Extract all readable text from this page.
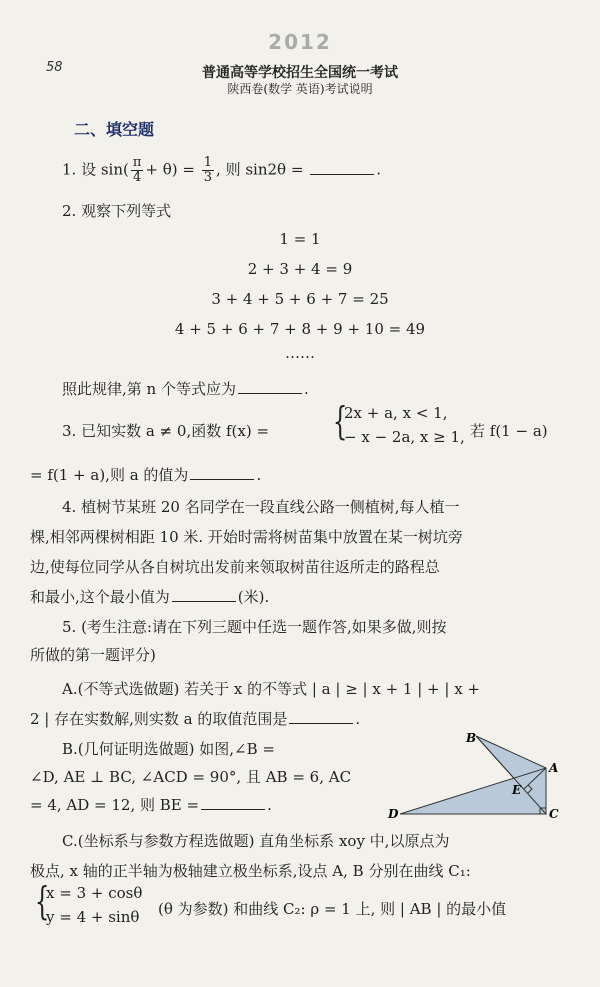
2012
58	普通高等学校招生全国统一考试
陕西卷(数学 英语)考试说明
二、填空题
1. 设 $\sin( \frac{\pi}{4} + \theta) = \frac{1}{3}$ , 则 sin2θ =	.
2. 观察下列等式
1 = 1
2 + 3 + 4 = 9
3 + 4 + 5 + 6 + 7 = 25
4 + 5 + 6 + 7 + 8 + 9 + 10 = 49
……
照此规律,第 n 个等式应为	.
3. 已知实数 a ≠ 0,函数 f(x) = {
2x + a, x < 1,
− x − 2a, x ≥ 1, 若 f(1 − a)
= f(1 + a),则 a 的值为	.
4. 植树节某班 20 名同学在一段直线公路一侧植树,每人植一
棵,相邻两棵树相距 10 米. 开始时需将树苗集中放置在某一树坑旁
边,使每位同学从各自树坑出发前来领取树苗往返所走的路程总
和最小,这个最小值为	(米).
5. (考生注意:请在下列三题中任选一题作答,如果多做,则按
所做的第一题评分)
A.(不等式选做题) 若关于 x 的不等式 | a | ≥ | x + 1 | + | x +
2 | 存在实数解,则实数 a 的取值范围是	.
B.(几何证明选做题) 如图,∠B =
∠D, AE ⊥ BC, ∠ACD = 90°, 且 AB = 6, AC
= 4, AD = 12, 则 BE =	.
B
A
C
D
E
C.(坐标系与参数方程选做题) 直角坐标系 xoy 中,以原点为
极点, x 轴的正半轴为极轴建立极坐标系,设点 A, B 分别在曲线 C₁:
{
x = 3 + cosθ
y = 4 + sinθ (θ 为参数) 和曲线 C₂: ρ = 1 上, 则 | AB | 的最小值
